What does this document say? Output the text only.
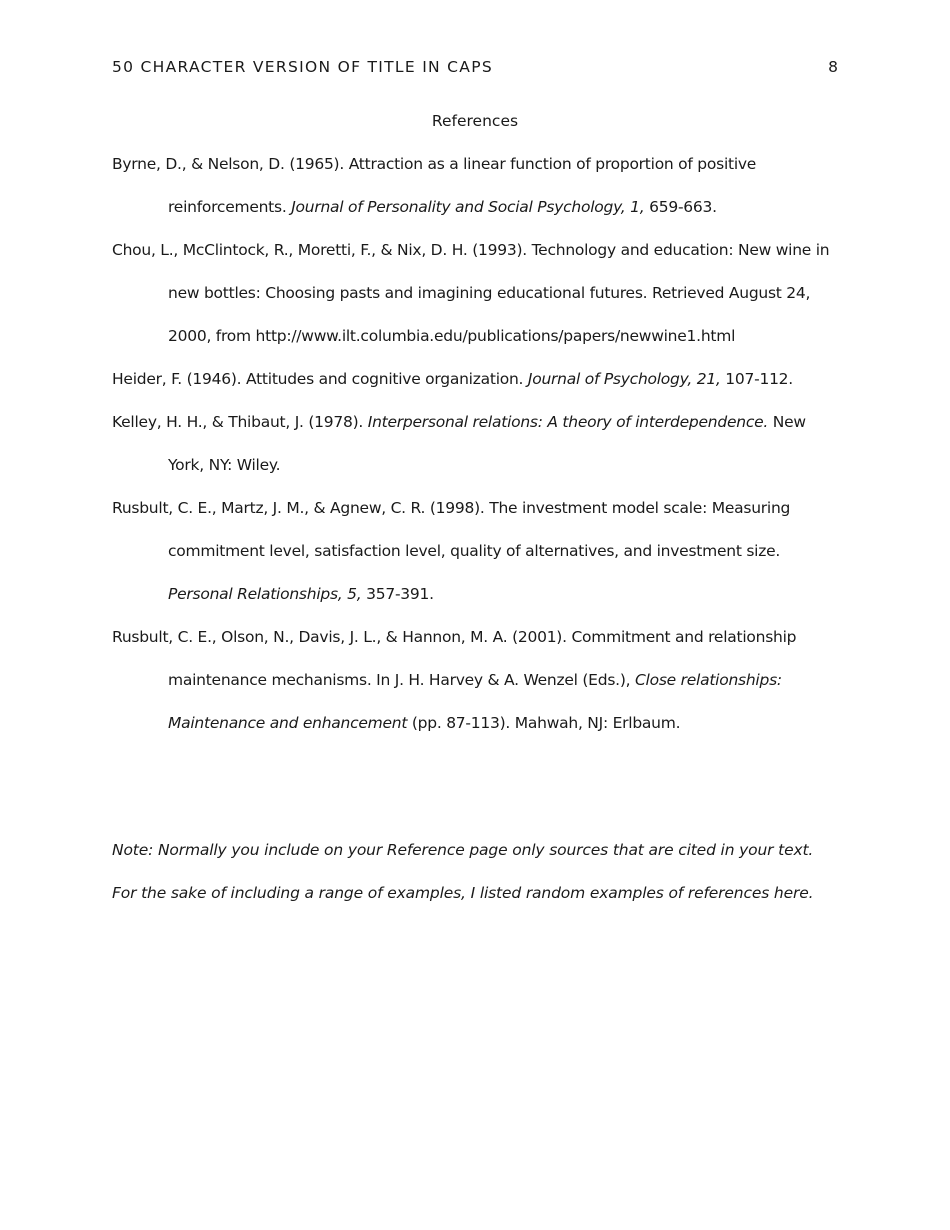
50 CHARACTER VERSION OF TITLE IN CAPS	8
References

Byrne, D., & Nelson, D. (1965). Attraction as a linear function of proportion of positive reinforcements. Journal of Personality and Social Psychology, 1, 659-663.

Chou, L., McClintock, R., Moretti, F., & Nix, D. H. (1993). Technology and education: New wine in new bottles: Choosing pasts and imagining educational futures. Retrieved August 24, 2000, from http://www.ilt.columbia.edu/publications/papers/newwine1.html

Heider, F. (1946). Attitudes and cognitive organization. Journal of Psychology, 21, 107-112.

Kelley, H. H., & Thibaut, J. (1978). Interpersonal relations: A theory of interdependence. New York, NY: Wiley.

Rusbult, C. E., Martz, J. M., & Agnew, C. R. (1998). The investment model scale: Measuring commitment level, satisfaction level, quality of alternatives, and investment size. Personal Relationships, 5, 357-391.

Rusbult, C. E., Olson, N., Davis, J. L., & Hannon, M. A. (2001). Commitment and relationship maintenance mechanisms. In J. H. Harvey & A. Wenzel (Eds.), Close relationships: Maintenance and enhancement (pp. 87-113). Mahwah, NJ: Erlbaum.

Note: Normally you include on your Reference page only sources that are cited in your text. For the sake of including a range of examples, I listed random examples of references here.
